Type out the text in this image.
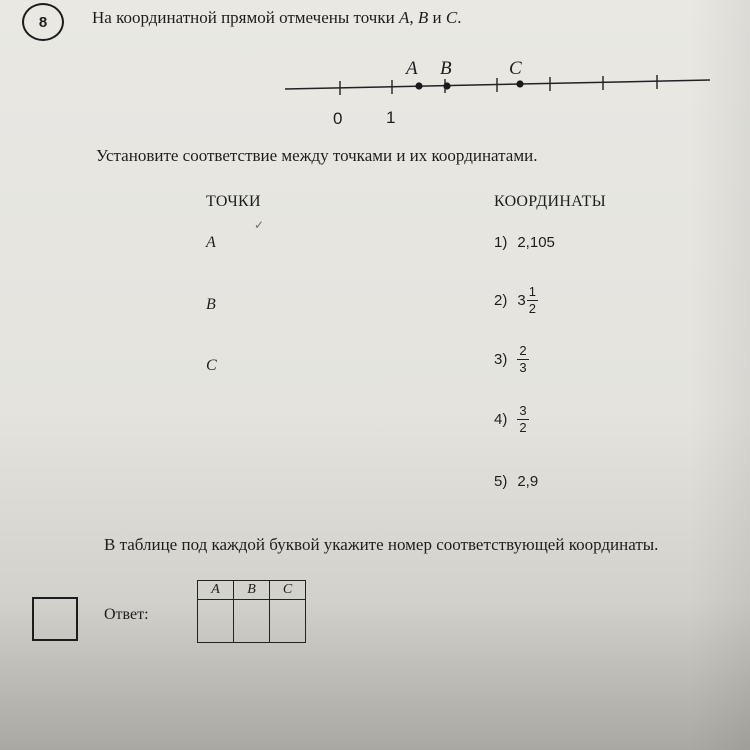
8	На координатной прямой отмечены точки A, B и C.
A B	C
0	1
Установите соответствие между точками и их координатами.
ТОЧКИ
✓
КООРДИНАТЫ
A
B
C
1) 2,105
2) $3 \frac{1}{2}$
$3) \frac{2}{3}$
$4) \frac{3}{2}$
5) 2,9
В таблице под каждой буквой укажите номер соответствующей координаты.
Ответ:
A	B	C
